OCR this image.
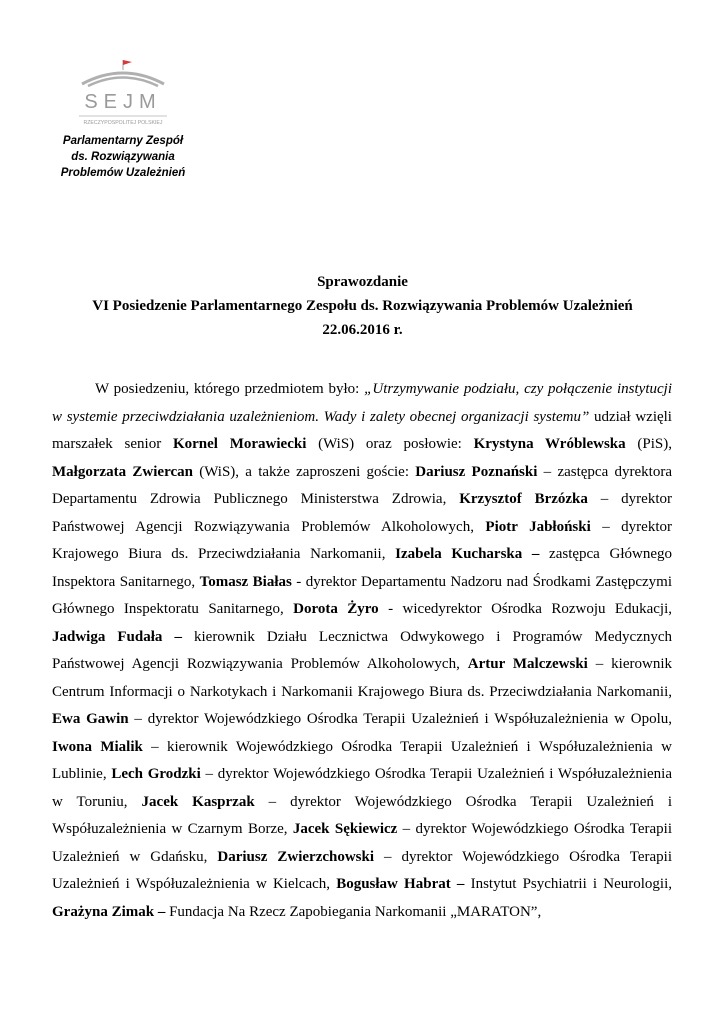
SEJM
RZECZYPOSPOLITEJ POLSKIEJ
Parlamentarny Zespół
ds. Rozwiązywania
Problemów Uzależnień
Sprawozdanie
VI Posiedzenie Parlamentarnego Zespołu ds. Rozwiązywania Problemów Uzależnień
22.06.2016 r.

W posiedzeniu, którego przedmiotem było: „Utrzymywanie podziału, czy połączenie instytucji w systemie przeciwdziałania uzależnieniom. Wady i zalety obecnej organizacji systemu” udział wzięli marszałek senior Kornel Morawiecki (WiS) oraz posłowie: Krystyna Wróblewska (PiS), Małgorzata Zwiercan (WiS), a także zaproszeni goście: Dariusz Poznański – zastępca dyrektora Departamentu Zdrowia Publicznego Ministerstwa Zdrowia, Krzysztof Brzózka – dyrektor Państwowej Agencji Rozwiązywania Problemów Alkoholowych, Piotr Jabłoński – dyrektor Krajowego Biura ds. Przeciwdziałania Narkomanii, Izabela Kucharska – zastępca Głównego Inspektora Sanitarnego, Tomasz Białas - dyrektor Departamentu Nadzoru nad Środkami Zastępczymi Głównego Inspektoratu Sanitarnego, Dorota Żyro - wicedyrektor Ośrodka Rozwoju Edukacji, Jadwiga Fudała – kierownik Działu Lecznictwa Odwykowego i Programów Medycznych Państwowej Agencji Rozwiązywania Problemów Alkoholowych, Artur Malczewski – kierownik Centrum Informacji o Narkotykach i Narkomanii Krajowego Biura ds. Przeciwdziałania Narkomanii, Ewa Gawin – dyrektor Wojewódzkiego Ośrodka Terapii Uzależnień i Współuzależnienia w Opolu, Iwona Mialik – kierownik Wojewódzkiego Ośrodka Terapii Uzależnień i Współuzależnienia w Lublinie, Lech Grodzki – dyrektor Wojewódzkiego Ośrodka Terapii Uzależnień i Współuzależnienia w Toruniu, Jacek Kasprzak – dyrektor Wojewódzkiego Ośrodka Terapii Uzależnień i Współuzależnienia w Czarnym Borze, Jacek Sękiewicz – dyrektor Wojewódzkiego Ośrodka Terapii Uzależnień w Gdańsku, Dariusz Zwierzchowski – dyrektor Wojewódzkiego Ośrodka Terapii Uzależnień i Współuzależnienia w Kielcach, Bogusław Habrat – Instytut Psychiatrii i Neurologii, Grażyna Zimak – Fundacja Na Rzecz Zapobiegania Narkomanii „MARATON”,
